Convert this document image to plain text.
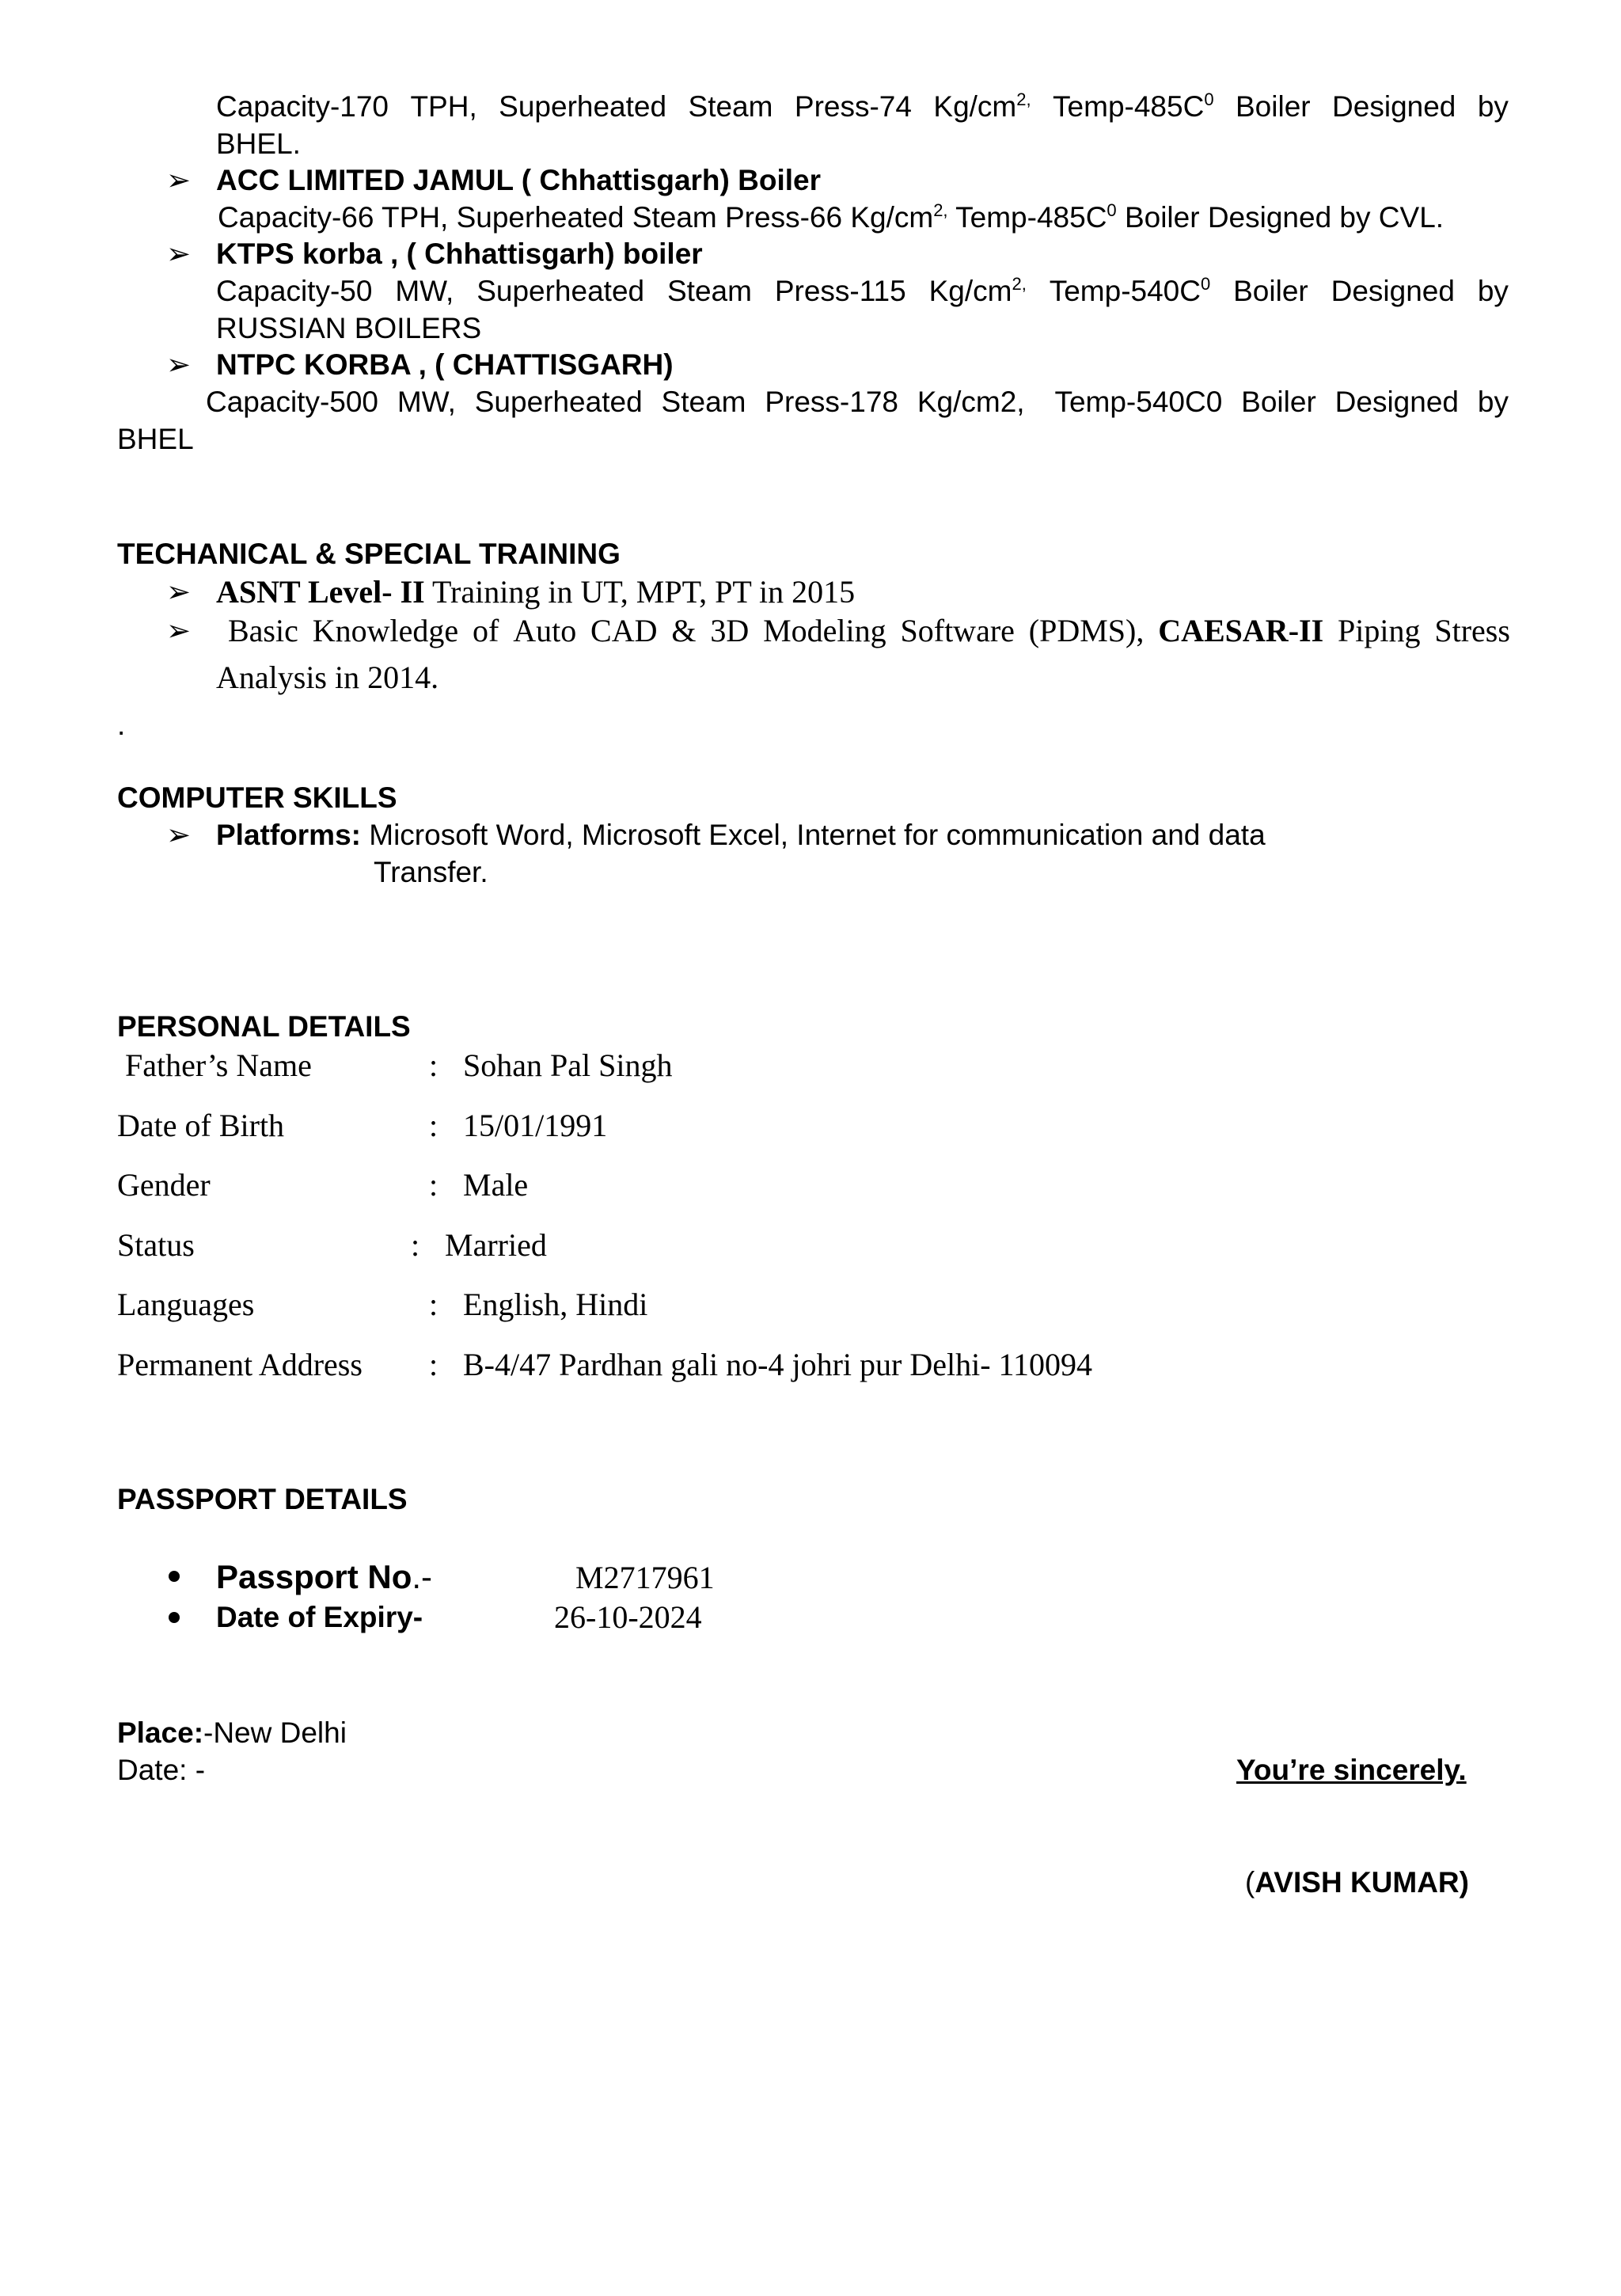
Capacity-170 TPH, Superheated Steam Press-74 $Kg/cm^{2,}$ Temp-$485C^0$ Boiler Designed by
BHEL.
➢ ACC LIMITED JAMUL ( Chhattisgarh) Boiler
Capacity-66 TPH, Superheated Steam Press-66 $Kg/cm^{2,}$ Temp-$485C^0$ Boiler Designed by CVL.
➢ KTPS korba , ( Chhattisgarh) boiler
Capacity-50 MW, Superheated Steam Press-115 $Kg/cm^{2,}$ Temp-$540C^0$ Boiler Designed by
RUSSIAN BOILERS
➢ NTPC KORBA , ( CHATTISGARH)
Capacity-500 MW, Superheated Steam Press-178 Kg/cm2, Temp-540C0 Boiler Designed by
BHEL
TECHANICAL & SPECIAL TRAINING
➢ ASNT Level- II Training in UT, MPT, PT in 2015
➢ Basic Knowledge of Auto CAD & 3D Modeling Software (PDMS), CAESAR-II Piping Stress
Analysis in 2014.
.
COMPUTER SKILLS
➢ Platforms: Microsoft Word, Microsoft Excel, Internet for communication and data
Transfer.
PERSONAL DETAILS
Father’s Name	: Sohan Pal Singh
Date of Birth	: 15/01/1991
Gender	: Male
Status	: Married
Languages	: English, Hindi
Permanent Address : B-4/47 Pardhan gali no-4 johri pur Delhi- 110094
PASSPORT DETAILS
Passport No.-	M2717961
Date of Expiry-	26-10-2024
Place:-New Delhi
Date: -	You’re sincerely.
(AVISH KUMAR)
